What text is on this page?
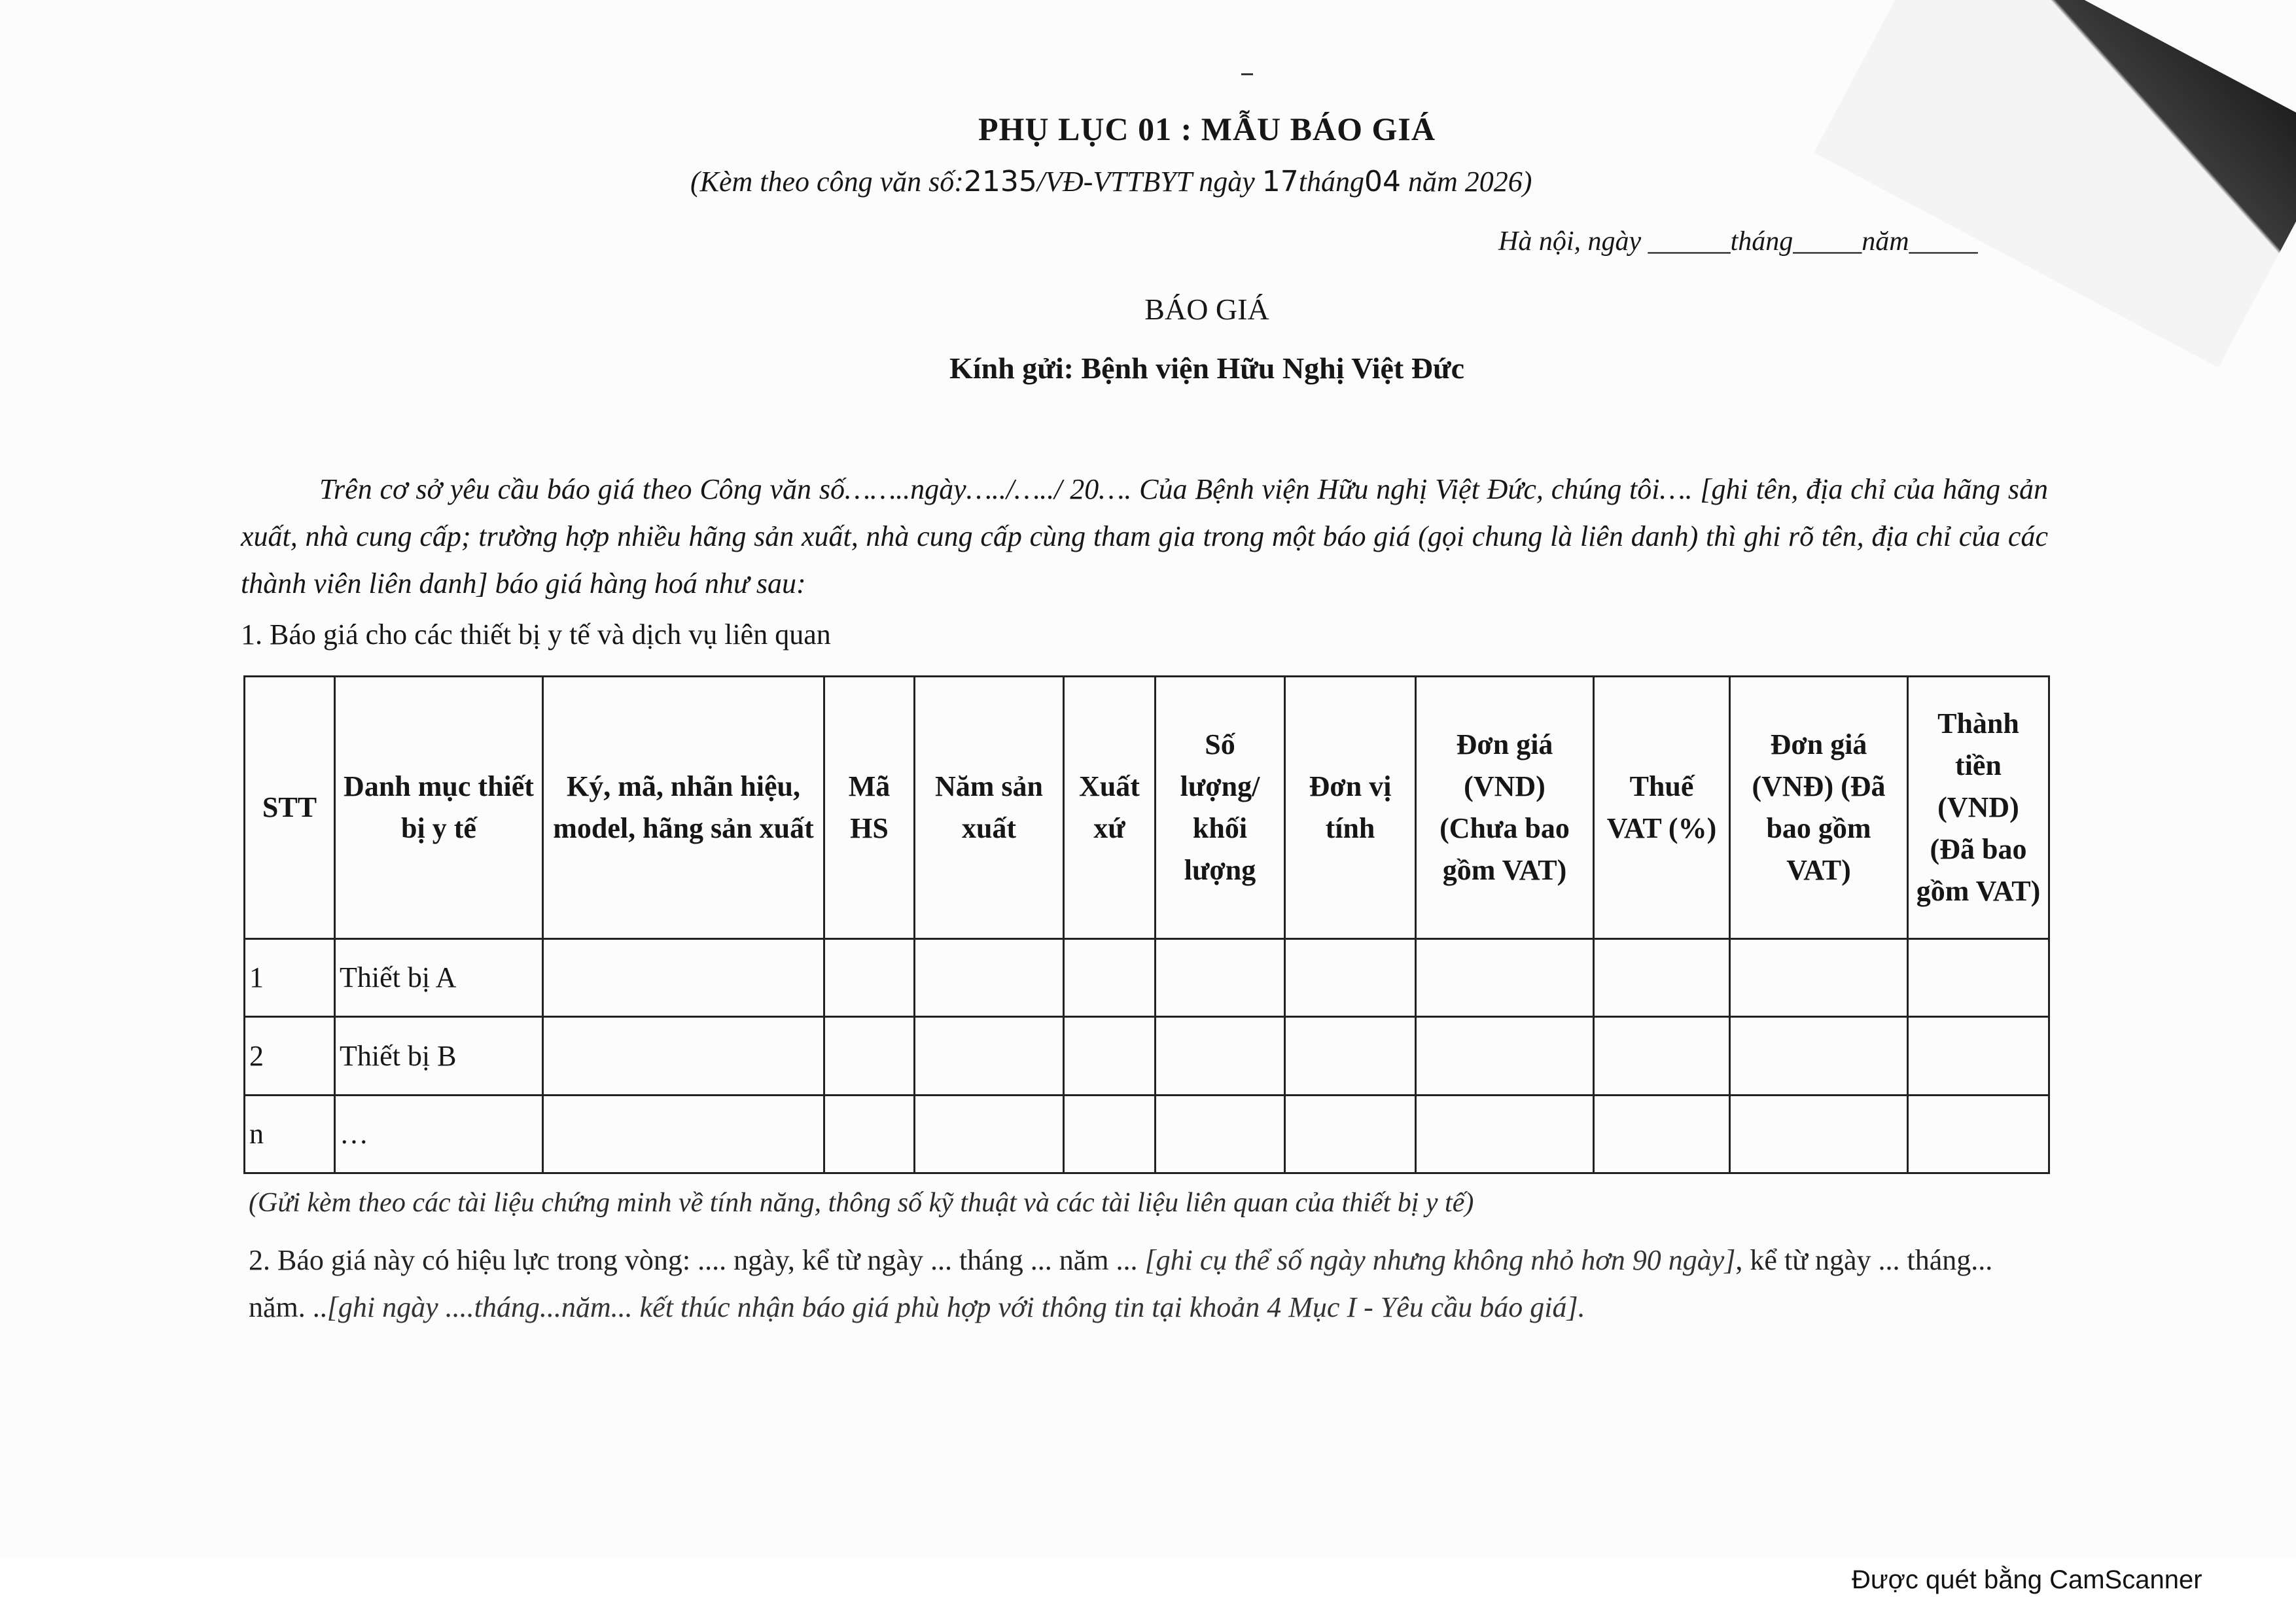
PHỤ LỤC 01 : MẪU BÁO GIÁ
(Kèm theo công văn số:2135/VĐ-VTTBYT ngày 17tháng04 năm 2026)
Hà nội, ngày ______tháng_____năm_____
BÁO GIÁ
Kính gửi: Bệnh viện Hữu Nghị Việt Đức
Trên cơ sở yêu cầu báo giá theo Công văn số……..ngày…../…../ 20…. Của Bệnh viện Hữu nghị Việt Đức, chúng tôi…. [ghi tên, địa chỉ của hãng sản xuất, nhà cung cấp; trường hợp nhiều hãng sản xuất, nhà cung cấp cùng tham gia trong một báo giá (gọi chung là liên danh) thì ghi rõ tên, địa chỉ của các thành viên liên danh] báo giá hàng hoá như sau:
1. Báo giá cho các thiết bị y tế và dịch vụ liên quan
STT	Danh mục thiết bị y tế	Ký, mã, nhãn hiệu, model, hãng sản xuất	Mã HS	Năm sản xuất	Xuất xứ	Số lượng/ khối lượng	Đơn vị tính	Đơn giá (VND) (Chưa bao gồm VAT)	Thuế VAT (%)	Đơn giá (VNĐ) (Đã bao gồm VAT)	Thành tiền (VND) (Đã bao gồm VAT)
1	Thiết bị A										
2	Thiết bị B										
n	…										
(Gửi kèm theo các tài liệu chứng minh về tính năng, thông số kỹ thuật và các tài liệu liên quan của thiết bị y tế)
2. Báo giá này có hiệu lực trong vòng: .... ngày, kể từ ngày ... tháng ... năm ... [ghi cụ thể số ngày nhưng không nhỏ hơn 90 ngày], kể từ ngày ... tháng... năm. ..[ghi ngày ....tháng...năm... kết thúc nhận báo giá phù hợp với thông tin tại khoản 4 Mục I - Yêu cầu báo giá].
Được quét bằng CamScanner
